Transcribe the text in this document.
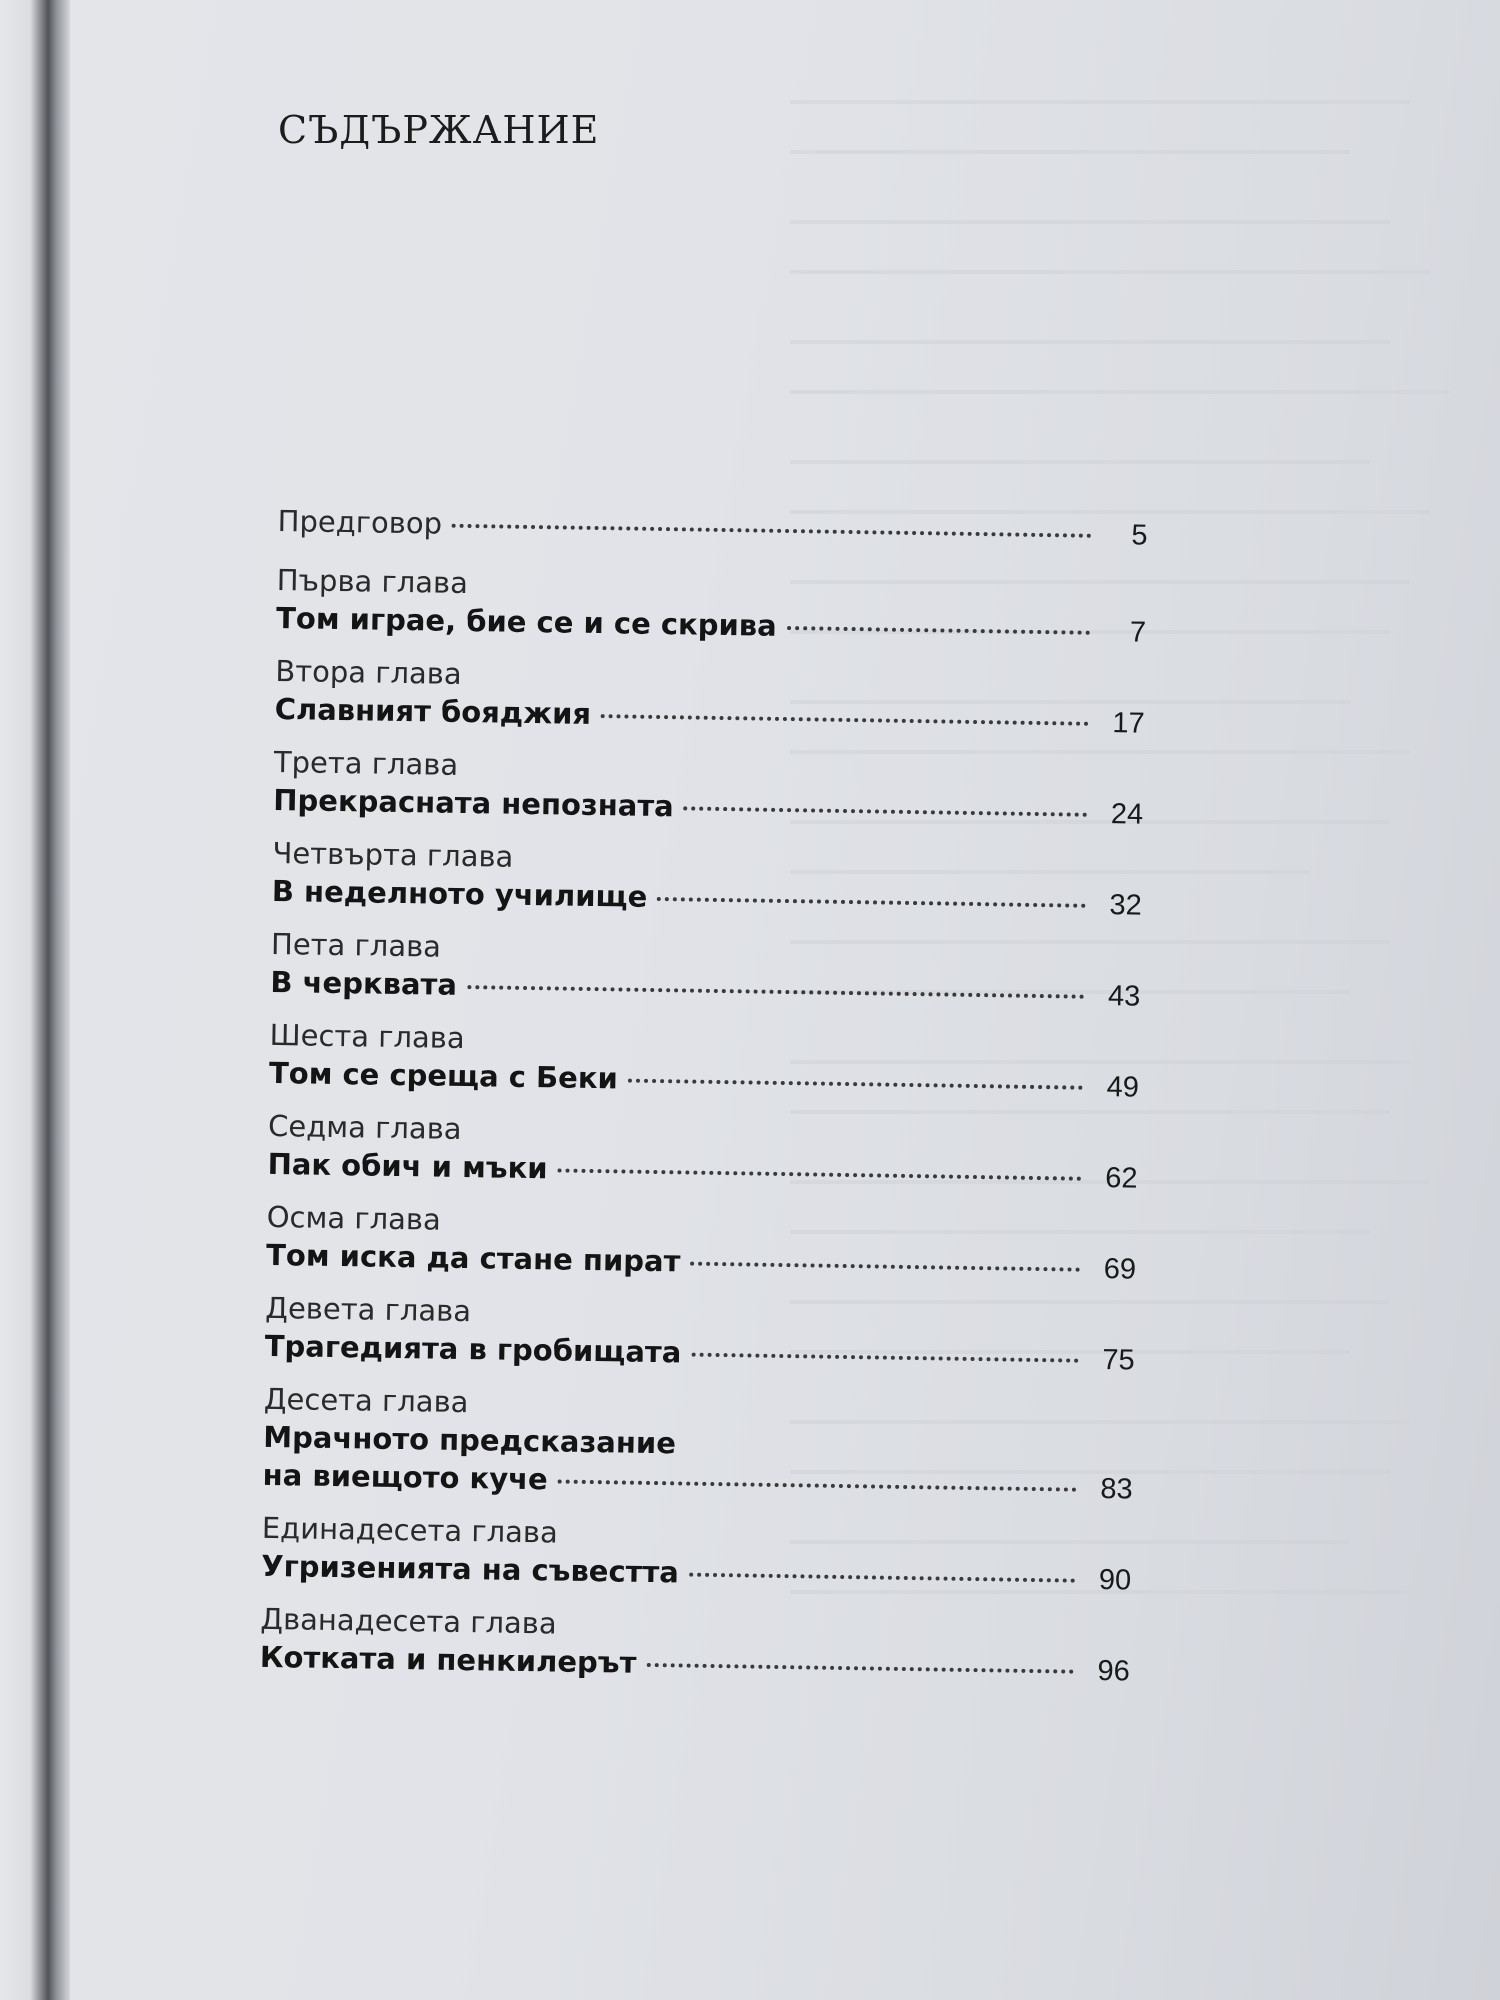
СЪДЪРЖАНИЕ
Предговор	5
Първа глава
Том играе, бие се и се скрива	7
Втора глава
Славният бояджия	17
Трета глава
Прекрасната непозната	24
Четвърта глава
В неделното училище	32
Пета глава
В черквата	43
Шеста глава
Том се среща с Беки	49
Седма глава
Пак обич и мъки	62
Осма глава
Том иска да стане пират	69
Девета глава
Трагедията в гробищата	75
Десета глава
Мрачното предсказание
на виещото куче	83
Единадесета глава
Угризенията на съвестта	90
Дванадесета глава
Котката и пенкилерът	96
